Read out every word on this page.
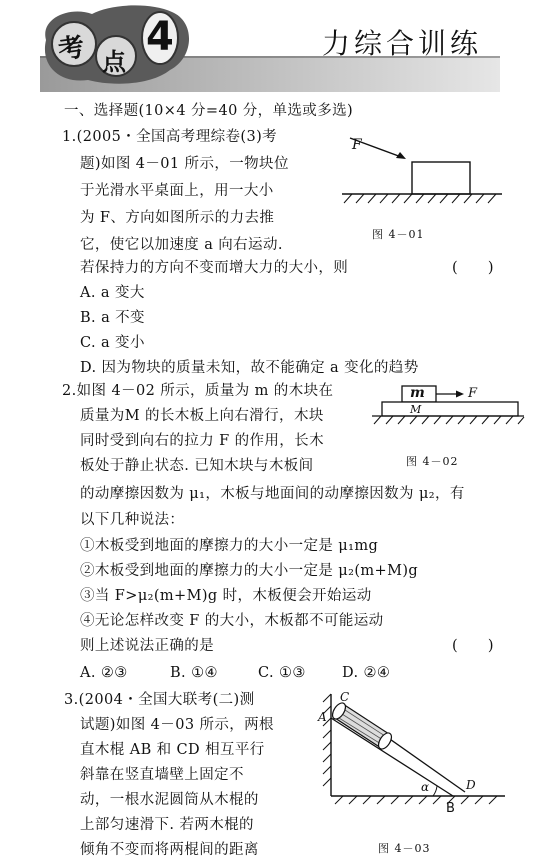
考 点
4	力综合训练
一、选择题(10×4 分=40 分，单选或多选)
1.(2005・全国高考理综卷(3)考
题)如图 4－01 所示，一物块位
于光滑水平桌面上，用一大小
为 F、方向如图所示的力去推
它，使它以加速度 a 向右运动.
若保持力的方向不变而增大力的大小，则	(　　)
A. a 变大
B. a 不变
C. a 变小
D. 因为物块的质量未知，故不能确定 a 变化的趋势
F
图 4－01
2.如图 4－02 所示，质量为 m 的木块在
质量为M 的长木板上向右滑行，木块
同时受到向右的拉力 F 的作用，长木
板处于静止状态. 已知木块与木板间
的动摩擦因数为 μ₁，木板与地面间的动摩擦因数为 μ₂，有
以下几种说法：
①木板受到地面的摩擦力的大小一定是 μ₁mg
②木板受到地面的摩擦力的大小一定是 μ₂(m+M)g
③当 F>μ₂(m+M)g 时，木板便会开始运动
④无论怎样改变 F 的大小，木板都不可能运动
则上述说法正确的是	(　　)
A. ②③	B. ①④	C. ①③ D. ②④
m	F
M
图 4－02
3.(2004・全国大联考(二)测
试题)如图 4－03 所示，两根
直木棍 AB 和 CD 相互平行
斜靠在竖直墙壁上固定不
动，一根水泥圆筒从木棍的
上部匀速滑下. 若两木棍的
倾角不变而将两棍间的距离
C
A
D
B
α
图 4－03
